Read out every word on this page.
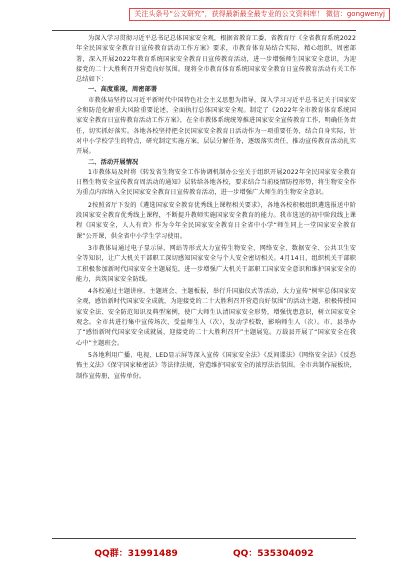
关注头条号“公文研究”，获得最新最全最专业的公文资料库！ 微信：gongwenyj

为深入学习贯彻习近平总书记总体国家安全观，根据省教育工委、省教育厅《全省教育系统2022年全民国家安全教育日宣传教育活动工作方案》要求，市教育体育局结合实际，精心组织，周密部署，深入开展2022年教育系统国家安全教育日宣传教育活动，进一步增强师生国家安全意识，为迎接党的二十大胜利召开营造良好氛围。现将全市教育体育系统国家安全教育日宣传教育活动有关工作总结如下：

一、高度重视，周密部署

市教体局坚持以习近平新时代中国特色社会主义思想为指导，深入学习习近平总书记关于国家安全和防范化解重大风险重要论述，全面执行总体国家安全观。制定了《2022年全市教育体育系统国家安全教育日宣传教育活动工作方案》，在全市教体系统统筹推进国家安全宣传教育工作，明确任务责任，切实抓好落实。各地各校坚持把全民国家安全教育日活动作为一项重要任务，结合自身实际，针对中小学校学生的特点，研究制定实施方案，层层分解任务，逐级落实责任，推动宣传教育活动扎实开展。

二、活动开展情况

1市教体局及时将《转发省生物安全工作协调机制办公室关于组织开展2022年全民国家安全教育日暨生物安全宣传教育周活动的通知》层转给各地各校，要求结合当前疫情防控形势，将生物安全作为重点内容纳入全民国家安全教育日宣传教育活动，进一步增强广大师生的生物安全意识。

2按照省厅下发的《遴选国家安全教育优秀线上课程相关要求》，各地各校积极组织遴选报送中阶段国家安全教育优秀线上课程，不断提升教师实施国家安全教育的能力。我市选送的初中阶段线上课程《国家安全，人人有责》作为今年全民国家安全教育日全省中小学“师生同上一堂国家安全教育课”公开课，供全省中小学生学习使用。

3市教体局通过电子显示屏、网站等形式大力宣传生物安全、网络安全、数据安全、公共卫生安全等知识，让广大机关干部职工深切感知国家安全与个人安全密切相关。4月14日，组织机关干部职工积极参加新时代国家安全主题展览，进一步增强广大机关干部职工国家安全意识和维护国家安全的能力，共筑国家安全防线。

4各校通过主题讲座、主题班会、主题板报，举行升国旗仪式等活动，大力宣传“树牢总体国家安全观，感悟新时代国家安全成就，为迎接党的二十大胜利召开营造良好氛围”的活动主题，积极传授国家安全法、安全防范知识及典型案例，使广大师生认清国家安全形势，增强忧患意识，树立国家安全观念。全市共进行集中宣传场次，受益师生人（次），发动学校数，影响师生人（次）。市、县举办了“感悟新时代国家安全成就展，迎接党的二十大胜利召开”主题展览。万载县开展了“国家安全在我心中”主题班会。

5各地利用广播、电视、LED显示屏等深入宣传《国家安全法》《反间谍法》《网络安全法》《反恐怖主义法》《保守国家秘密法》等法律法规，营造维护国家安全的浓厚法治氛围。全市共制作展板块，制作宣传册，宣传单份。

QQ群：31991489	QQ：535304092
